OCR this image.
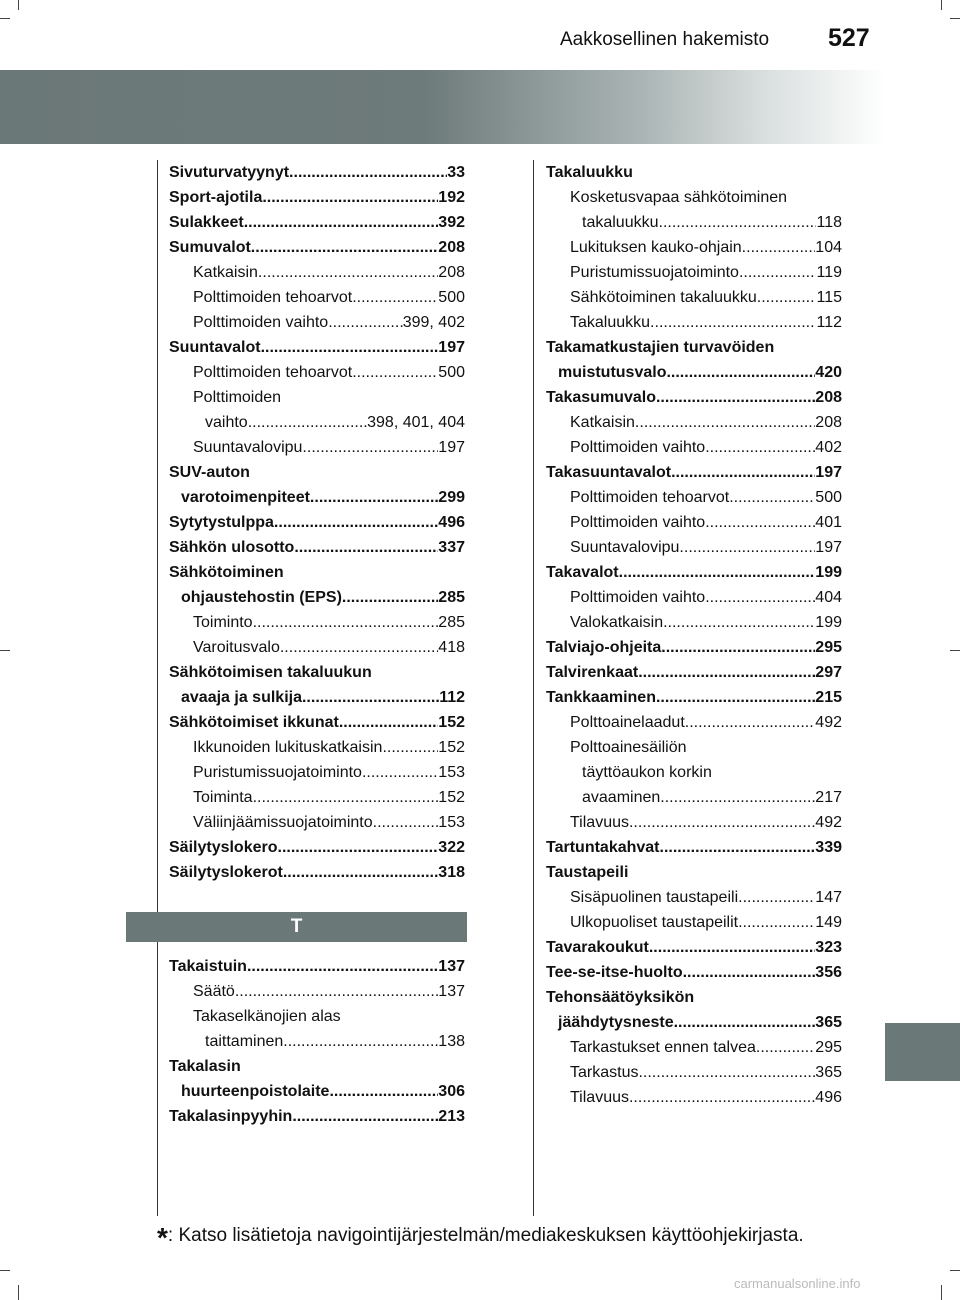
Aakkosellinen hakemisto 527
Sivuturvatyynyt .....	33
Sport-ajotila .....	192
Sulakkeet .....	392
Sumuvalot .....	208
Katkaisin .....	208
Polttimoiden tehoarvot .....	500
Polttimoiden vaihto .....	399, 402
Suuntavalot .....	197
Polttimoiden tehoarvot .....	500
Polttimoiden
vaihto .....	398, 401, 404
Suuntavalovipu .....	197
SUV-auton
varotoimenpiteet .....	299
Sytytystulppa .....	496
Sähkön ulosotto .....	337
Sähkötoiminen
ohjaustehostin (EPS) .....	285
Toiminto .....	285
Varoitusvalo .....	418
Sähkötoimisen takaluukun
avaaja ja sulkija .....	112
Sähkötoimiset ikkunat .....	152
Ikkunoiden lukituskatkaisin .....	152
Puristumissuojatoiminto .....	153
Toiminta .....	152
Väliinjäämissuojatoiminto .....	153
Säilytyslokero .....	322
Säilytyslokerot .....	318
T
Takaistuin .....	137
Säätö .....	137
Takaselkänojien alas
taittaminen .....	138
Takalasin
huurteenpoistolaite .....	306
Takalasinpyyhin .....	213
Takaluukku
Kosketusvapaa sähkötoiminen
takaluukku .....	118
Lukituksen kauko-ohjain .....	104
Puristumissuojatoiminto .....	119
Sähkötoiminen takaluukku .....	115
Takaluukku .....	112
Takamatkustajien turvavöiden
muistutusvalo .....	420
Takasumuvalo .....	208
Katkaisin .....	208
Polttimoiden vaihto .....	402
Takasuuntavalot .....	197
Polttimoiden tehoarvot .....	500
Polttimoiden vaihto .....	401
Suuntavalovipu .....	197
Takavalot .....	199
Polttimoiden vaihto .....	404
Valokatkaisin .....	199
Talviajo-ohjeita .....	295
Talvirenkaat .....	297
Tankkaaminen .....	215
Polttoainelaadut .....	492
Polttoainesäiliön
täyttöaukon korkin
avaaminen .....	217
Tilavuus .....	492
Tartuntakahvat .....	339
Taustapeili
Sisäpuolinen taustapeili .....	147
Ulkopuoliset taustapeilit .....	149
Tavarakoukut .....	323
Tee-se-itse-huolto .....	356
Tehonsäätöyksikön
jäähdytysneste .....	365
Tarkastukset ennen talvea .....	295
Tarkastus .....	365
Tilavuus .....	496
*: Katso lisätietoja navigointijärjestelmän/mediakeskuksen käyttöohjekirjasta.
carmanualsonline.info
